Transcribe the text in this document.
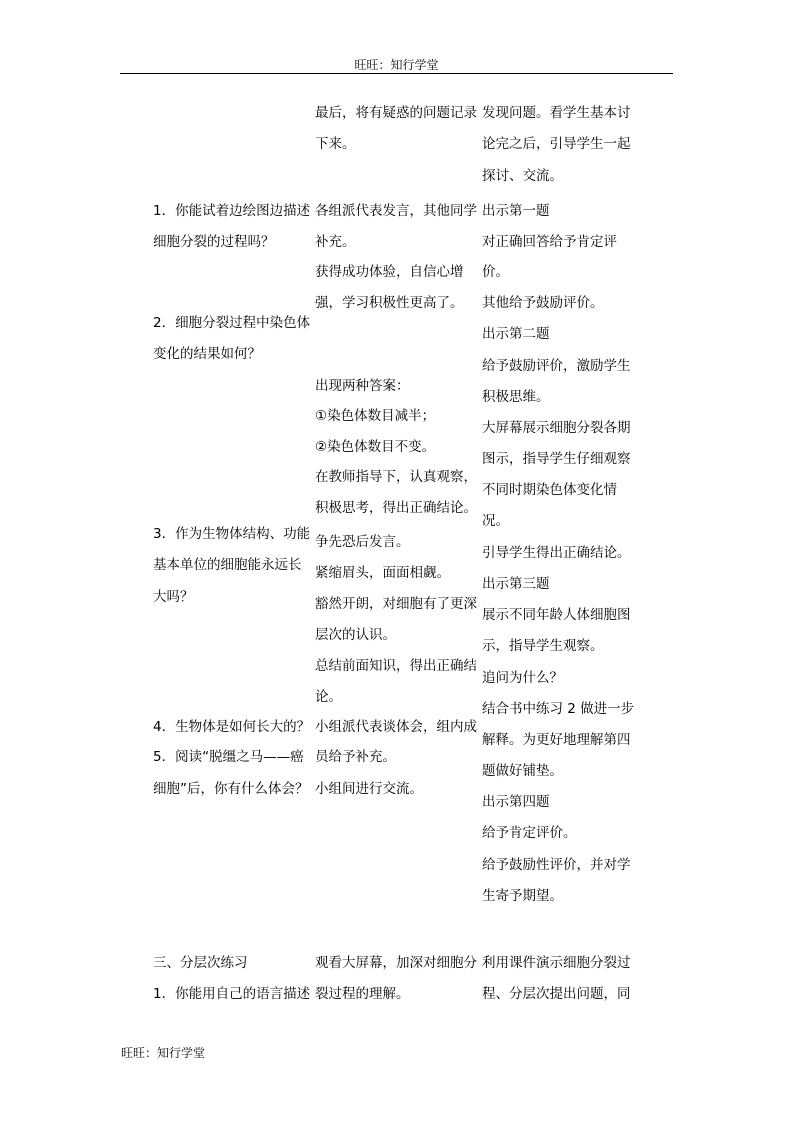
旺旺：知行学堂
1．你能试着边绘图边描述
细胞分裂的过程吗？
2．细胞分裂过程中染色体
变化的结果如何？
3．作为生物体结构、功能
基本单位的细胞能永远长
大吗？
4．生物体是如何长大的？
5．阅读“脱缰之马——癌
细胞”后，你有什么体会？
三、分层次练习
1．你能用自己的语言描述
最后，将有疑惑的问题记录
下来。
各组派代表发言，其他同学
补充。
获得成功体验，自信心增
强，学习积极性更高了。
出现两种答案：
①染色体数目减半；
②染色体数目不变。
在教师指导下，认真观察，
积极思考，得出正确结论。
争先恐后发言。
紧缩眉头，面面相觑。
豁然开朗，对细胞有了更深
层次的认识。
总结前面知识，得出正确结
论。
小组派代表谈体会，组内成
员给予补充。
小组间进行交流。
观看大屏幕，加深对细胞分
裂过程的理解。
发现问题。看学生基本讨
论完之后，引导学生一起
探讨、交流。
出示第一题
对正确回答给予肯定评
价。
其他给予鼓励评价。
出示第二题
给予鼓励评价，激励学生
积极思维。
大屏幕展示细胞分裂各期
图示，指导学生仔细观察
不同时期染色体变化情
况。
引导学生得出正确结论。
出示第三题
展示不同年龄人体细胞图
示，指导学生观察。
追问为什么？
结合书中练习 2 做进一步
解释。为更好地理解第四
题做好铺垫。
出示第四题
给予肯定评价。
给予鼓励性评价，并对学
生寄予期望。
利用课件演示细胞分裂过
程、分层次提出问题，同
旺旺：知行学堂
